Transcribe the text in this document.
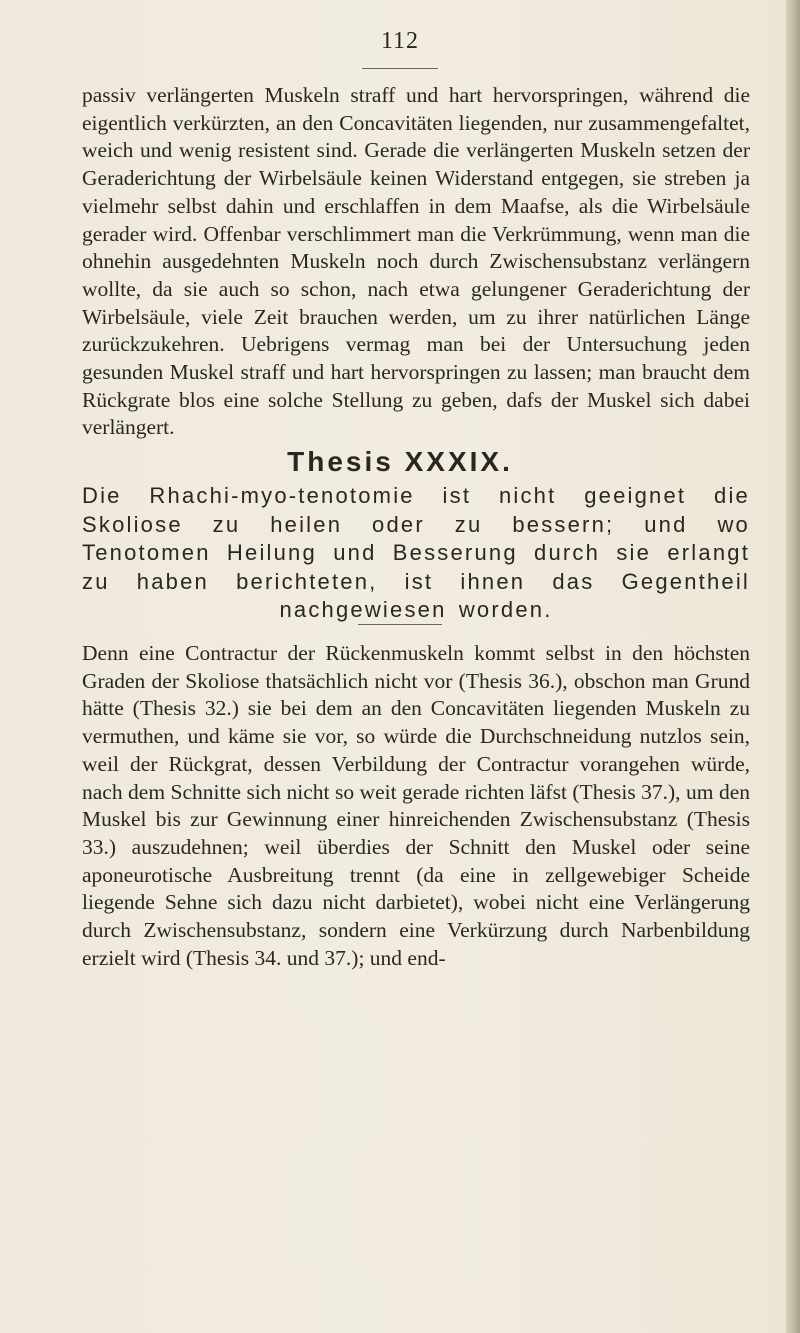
112

passiv verlängerten Muskeln straff und hart hervorspringen, während die eigentlich verkürzten, an den Concavitäten liegenden, nur zusammengefaltet, weich und wenig resistent sind. Gerade die verlängerten Muskeln setzen der Geraderichtung der Wirbelsäule keinen Widerstand entgegen, sie streben ja vielmehr selbst dahin und erschlaffen in dem Maafse, als die Wirbelsäule gerader wird. Offenbar verschlimmert man die Verkrümmung, wenn man die ohnehin ausgedehnten Muskeln noch durch Zwischensubstanz verlängern wollte, da sie auch so schon, nach etwa gelungener Geraderichtung der Wirbelsäule, viele Zeit brauchen werden, um zu ihrer natürlichen Länge zurückzukehren. Uebrigens vermag man bei der Untersuchung jeden gesunden Muskel straff und hart hervorspringen zu lassen; man braucht dem Rückgrate blos eine solche Stellung zu geben, dafs der Muskel sich dabei verlängert.

Thesis XXXIX.

Die Rhachi-myo-tenotomie ist nicht geeignet die Skoliose zu heilen oder zu bessern; und wo Tenotomen Heilung und Besserung durch sie erlangt zu haben berichteten, ist ihnen das Gegentheil nachgewiesen worden.

Denn eine Contractur der Rückenmuskeln kommt selbst in den höchsten Graden der Skoliose thatsächlich nicht vor (Thesis 36.), obschon man Grund hätte (Thesis 32.) sie bei dem an den Concavitäten liegenden Muskeln zu vermuthen, und käme sie vor, so würde die Durchschneidung nutzlos sein, weil der Rückgrat, dessen Verbildung der Contractur vorangehen würde, nach dem Schnitte sich nicht so weit gerade richten läfst (Thesis 37.), um den Muskel bis zur Gewinnung einer hinreichenden Zwischensubstanz (Thesis 33.) auszudehnen; weil überdies der Schnitt den Muskel oder seine aponeurotische Ausbreitung trennt (da eine in zellgewebiger Scheide liegende Sehne sich dazu nicht darbietet), wobei nicht eine Verlängerung durch Zwischensubstanz, sondern eine Verkürzung durch Narbenbildung erzielt wird (Thesis 34. und 37.); und end-
